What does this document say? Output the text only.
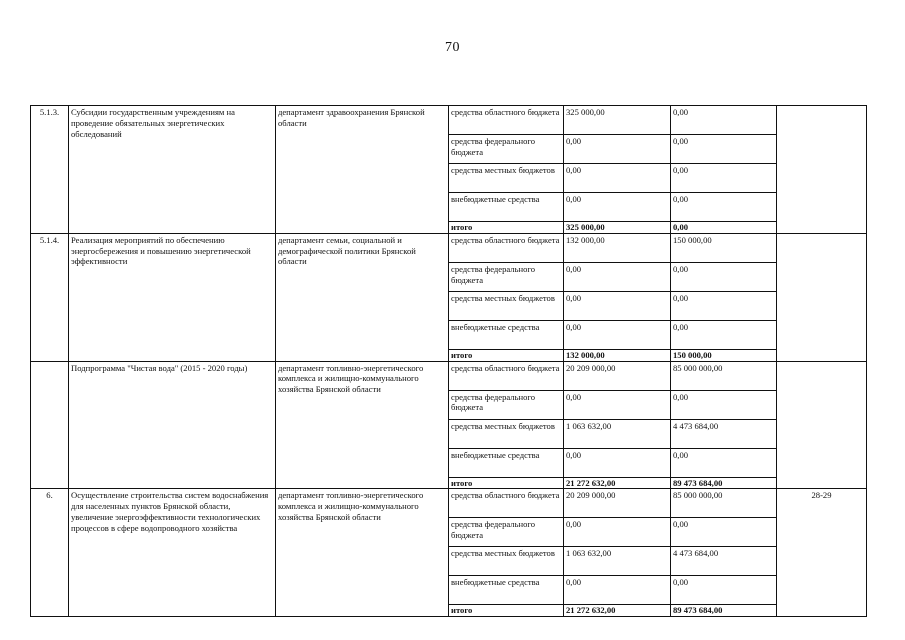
70
5.1.3.	Субсидии государственным учреждениям на проведение обязательных энергетических обследований	департамент здравоохранения Брянской области	средства областного бюджета	325 000,00	0,00	
			средства федерального бюджета	0,00	0,00	
			средства местных бюджетов	0,00	0,00	
			внебюджетные средства	0,00	0,00	
			итого	325 000,00	0,00	
5.1.4.	Реализация мероприятий по обеспечению энергосбережения и повышению энергетической эффективности	департамент семьи, социальной и демографической политики Брянской области	средства областного бюджета	132 000,00	150 000,00	
			средства федерального бюджета	0,00	0,00	
			средства местных бюджетов	0,00	0,00	
			внебюджетные средства	0,00	0,00	
			итого	132 000,00	150 000,00	
	Подпрограмма "Чистая вода" (2015 - 2020 годы)	департамент топливно-энергетического комплекса и жилищно-коммунального хозяйства Брянской области	средства областного бюджета	20 209 000,00	85 000 000,00	
			средства федерального бюджета	0,00	0,00	
			средства местных бюджетов	1 063 632,00	4 473 684,00	
			внебюджетные средства	0,00	0,00	
			итого	21 272 632,00	89 473 684,00	
6.	Осуществление строительства систем водоснабжения для населенных пунктов Брянской области, увеличение энергоэффективности технологических процессов в сфере водопроводного хозяйства	департамент топливно-энергетического комплекса и жилищно-коммунального хозяйства Брянской области	средства областного бюджета	20 209 000,00	85 000 000,00	28-29
			средства федерального бюджета	0,00	0,00	
			средства местных бюджетов	1 063 632,00	4 473 684,00	
			внебюджетные средства	0,00	0,00	
			итого	21 272 632,00	89 473 684,00	
